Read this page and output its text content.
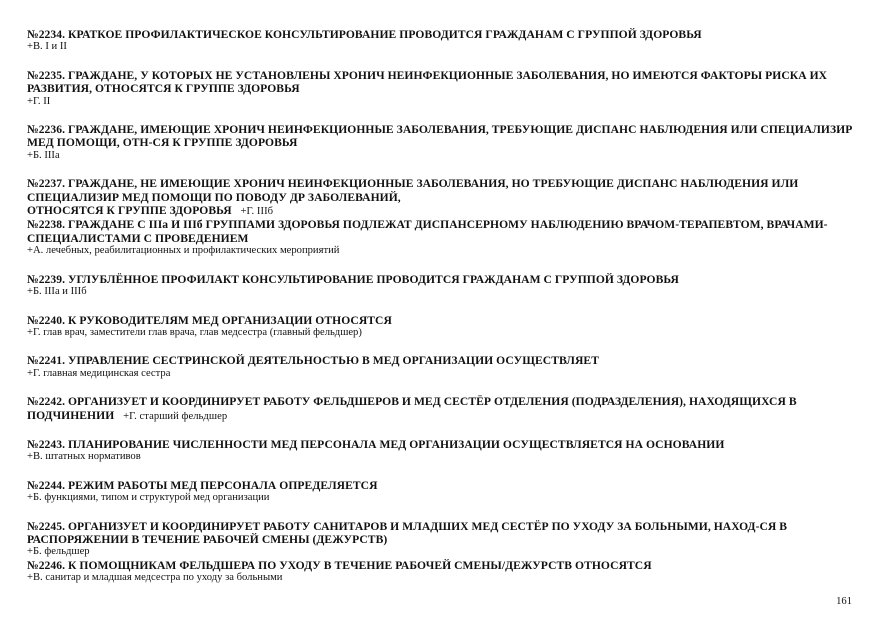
№2234. КРАТКОЕ ПРОФИЛАКТИЧЕСКОЕ КОНСУЛЬТИРОВАНИЕ ПРОВОДИТСЯ ГРАЖДАНАМ С ГРУППОЙ ЗДОРОВЬЯ

+В. I и II

№2235. ГРАЖДАНЕ, У КОТОРЫХ НЕ УСТАНОВЛЕНЫ ХРОНИЧ НЕИНФЕКЦИОННЫЕ ЗАБОЛЕВАНИЯ, НО ИМЕЮТСЯ ФАКТОРЫ РИСКА ИХ

РАЗВИТИЯ, ОТНОСЯТСЯ К ГРУППЕ ЗДОРОВЬЯ

+Г. II

№2236. ГРАЖДАНЕ, ИМЕЮЩИЕ ХРОНИЧ НЕИНФЕКЦИОННЫЕ ЗАБОЛЕВАНИЯ, ТРЕБУЮЩИЕ ДИСПАНС НАБЛЮДЕНИЯ ИЛИ СПЕЦИАЛИЗИР

МЕД ПОМОЩИ, ОТН-СЯ К ГРУППЕ ЗДОРОВЬЯ

+Б. IIIа

№2237. ГРАЖДАНЕ, НЕ ИМЕЮЩИЕ ХРОНИЧ НЕИНФЕКЦИОННЫЕ ЗАБОЛЕВАНИЯ, НО ТРЕБУЮЩИЕ ДИСПАНС НАБЛЮДЕНИЯ ИЛИ

СПЕЦИАЛИЗИР МЕД ПОМОЩИ ПО ПОВОДУ ДР ЗАБОЛЕВАНИЙ,

ОТНОСЯТСЯ К ГРУППЕ ЗДОРОВЬЯ +Г. IIIб

№2238. ГРАЖДАНЕ С IIIа И IIIб ГРУППАМИ ЗДОРОВЬЯ ПОДЛЕЖАТ ДИСПАНСЕРНОМУ НАБЛЮДЕНИЮ ВРАЧОМ-ТЕРАПЕВТОМ, ВРАЧАМИ-

СПЕЦИАЛИСТАМИ С ПРОВЕДЕНИЕМ

+А. лечебных, реабилитационных и профилактических мероприятий

№2239. УГЛУБЛЁННОЕ ПРОФИЛАКТ КОНСУЛЬТИРОВАНИЕ ПРОВОДИТСЯ ГРАЖДАНАМ С ГРУППОЙ ЗДОРОВЬЯ

+Б. IIIа и IIIб

№2240. К РУКОВОДИТЕЛЯМ МЕД ОРГАНИЗАЦИИ ОТНОСЯТСЯ

+Г. глав врач, заместители глав врача, глав медсестра (главный фельдшер)

№2241. УПРАВЛЕНИЕ СЕСТРИНСКОЙ ДЕЯТЕЛЬНОСТЬЮ В МЕД ОРГАНИЗАЦИИ ОСУЩЕСТВЛЯЕТ

+Г. главная медицинская сестра

№2242. ОРГАНИЗУЕТ И КООРДИНИРУЕТ РАБОТУ ФЕЛЬДШЕРОВ И МЕД СЕСТЁР ОТДЕЛЕНИЯ (ПОДРАЗДЕЛЕНИЯ), НАХОДЯЩИХСЯ В

ПОДЧИНЕНИИ +Г. старший фельдшер

№2243. ПЛАНИРОВАНИЕ ЧИСЛЕННОСТИ МЕД ПЕРСОНАЛА МЕД ОРГАНИЗАЦИИ ОСУЩЕСТВЛЯЕТСЯ НА ОСНОВАНИИ

+В. штатных нормативов

№2244. РЕЖИМ РАБОТЫ МЕД ПЕРСОНАЛА ОПРЕДЕЛЯЕТСЯ

+Б. функциями, типом и структурой мед организации

№2245. ОРГАНИЗУЕТ И КООРДИНИРУЕТ РАБОТУ САНИТАРОВ И МЛАДШИХ МЕД СЕСТЁР ПО УХОДУ ЗА БОЛЬНЫМИ, НАХОД-СЯ В

РАСПОРЯЖЕНИИ В ТЕЧЕНИЕ РАБОЧЕЙ СМЕНЫ (ДЕЖУРСТВ)

+Б. фельдшер

№2246. К ПОМОЩНИКАМ ФЕЛЬДШЕРА ПО УХОДУ В ТЕЧЕНИЕ РАБОЧЕЙ СМЕНЫ/ДЕЖУРСТВ ОТНОСЯТСЯ

+В. санитар и младшая медсестра по уходу за больными

161
